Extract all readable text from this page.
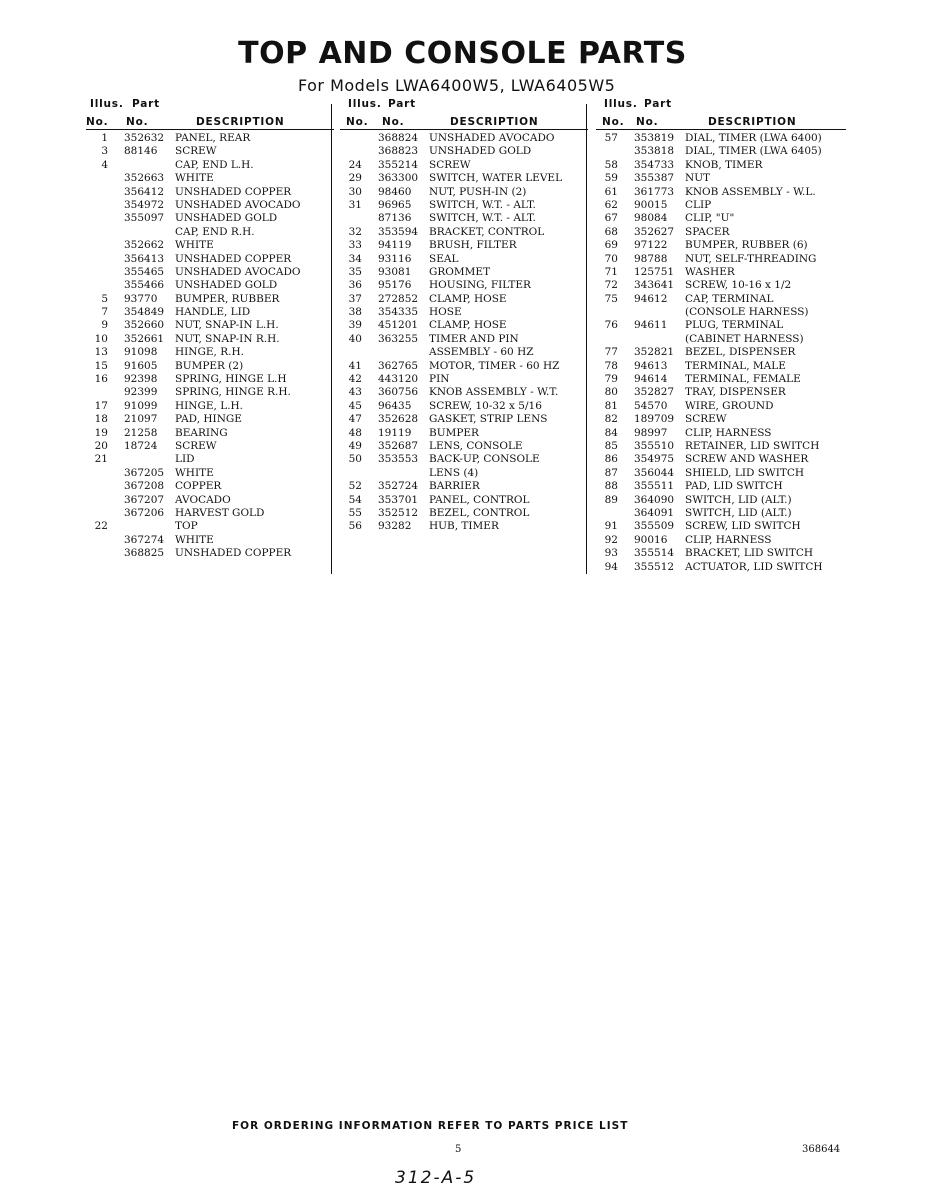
TOP AND CONSOLE PARTS
For Models LWA6400W5, LWA6405W5
Illus. Part
No. No.	DESCRIPTION
1 352632 PANEL, REAR
3 88146 SCREW
4	CAP, END L.H.
352663 WHITE
356412 UNSHADED COPPER
354972 UNSHADED AVOCADO
355097 UNSHADED GOLD
CAP, END R.H.
352662 WHITE
356413 UNSHADED COPPER
355465 UNSHADED AVOCADO
355466 UNSHADED GOLD
5 93770 BUMPER, RUBBER
7 354849 HANDLE, LID
9 352660 NUT, SNAP-IN L.H.
10 352661 NUT, SNAP-IN R.H.
13 91098 HINGE, R.H.
15 91605 BUMPER (2)
16 92398 SPRING, HINGE L.H
92399 SPRING, HINGE R.H.
17 91099 HINGE, L.H.
18 21097 PAD, HINGE
19 21258 BEARING
20 18724 SCREW
21	LID
367205 WHITE
367208 COPPER
367207 AVOCADO
367206 HARVEST GOLD
22	TOP
367274 WHITE
368825 UNSHADED COPPER
Illus. Part
No. No.	DESCRIPTION
368824 UNSHADED AVOCADO
368823 UNSHADED GOLD
24 355214 SCREW
29 363300 SWITCH, WATER LEVEL
30 98460 NUT, PUSH-IN (2)
31 96965 SWITCH, W.T. - ALT.
87136 SWITCH, W.T. - ALT.
32 353594 BRACKET, CONTROL
33 94119 BRUSH, FILTER
34 93116 SEAL
35 93081 GROMMET
36 95176 HOUSING, FILTER
37 272852 CLAMP, HOSE
38 354335 HOSE
39 451201 CLAMP, HOSE
40 363255 TIMER AND PIN
ASSEMBLY - 60 HZ
41 362765 MOTOR, TIMER - 60 HZ
42 443120 PIN
43 360756 KNOB ASSEMBLY - W.T.
45 96435 SCREW, 10-32 x 5/16
47 352628 GASKET, STRIP LENS
48 19119 BUMPER
49 352687 LENS, CONSOLE
50 353553 BACK-UP, CONSOLE
LENS (4)
52 352724 BARRIER
54 353701 PANEL, CONTROL
55 352512 BEZEL, CONTROL
56 93282 HUB, TIMER
Illus. Part
No. No.	DESCRIPTION
57 353819 DIAL, TIMER (LWA 6400)
353818 DIAL, TIMER (LWA 6405)
58 354733 KNOB, TIMER
59 355387 NUT
61 361773 KNOB ASSEMBLY - W.L.
62 90015 CLIP
67 98084 CLIP, "U"
68 352627 SPACER
69 97122 BUMPER, RUBBER (6)
70 98788 NUT, SELF-THREADING
71 125751 WASHER
72 343641 SCREW, 10-16 x 1/2
75 94612 CAP, TERMINAL
(CONSOLE HARNESS)
76 94611 PLUG, TERMINAL
(CABINET HARNESS)
77 352821 BEZEL, DISPENSER
78 94613 TERMINAL, MALE
79 94614 TERMINAL, FEMALE
80 352827 TRAY, DISPENSER
81 54570 WIRE, GROUND
82 189709 SCREW
84 98997 CLIP, HARNESS
85 355510 RETAINER, LID SWITCH
86 354975 SCREW AND WASHER
87 356044 SHIELD, LID SWITCH
88 355511 PAD, LID SWITCH
89 364090 SWITCH, LID (ALT.)
364091 SWITCH, LID (ALT.)
91 355509 SCREW, LID SWITCH
92 90016 CLIP, HARNESS
93 355514 BRACKET, LID SWITCH
94 355512 ACTUATOR, LID SWITCH
FOR ORDERING INFORMATION REFER TO PARTS PRICE LIST
5	368644
312-A-5
